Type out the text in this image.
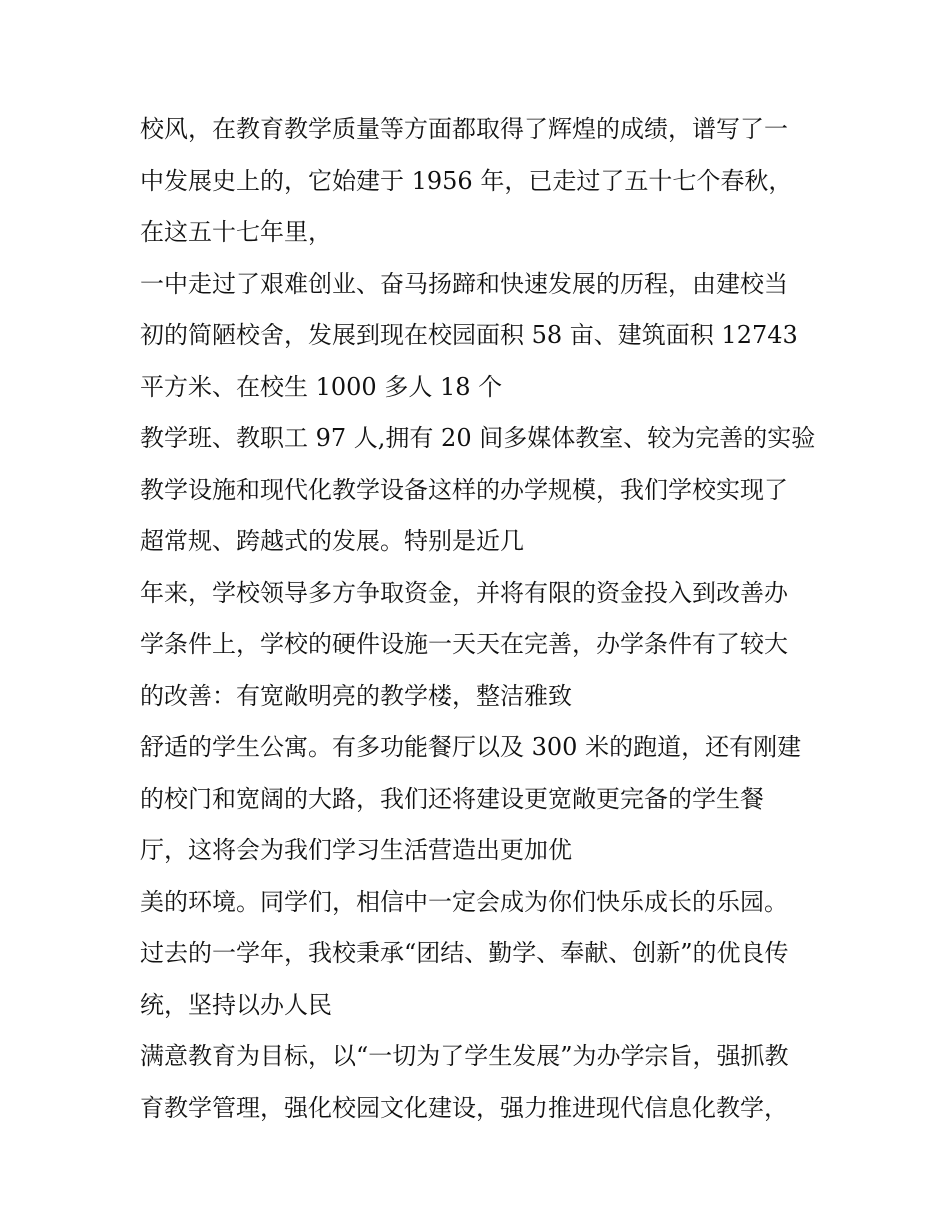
校风，在教育教学质量等方面都取得了辉煌的成绩，谱写了一
中发展史上的，它始建于 1956 年，已走过了五十七个春秋，
在这五十七年里，
一中走过了艰难创业、奋马扬蹄和快速发展的历程，由建校当
初的简陋校舍，发展到现在校园面积 58 亩、建筑面积 12743
平方米、在校生 1000 多人 18 个
教学班、教职工 97 人,拥有 20 间多媒体教室、较为完善的实验
教学设施和现代化教学设备这样的办学规模，我们学校实现了
超常规、跨越式的发展。特别是近几
年来，学校领导多方争取资金，并将有限的资金投入到改善办
学条件上，学校的硬件设施一天天在完善，办学条件有了较大
的改善：有宽敞明亮的教学楼，整洁雅致
舒适的学生公寓。有多功能餐厅以及 300 米的跑道，还有刚建
的校门和宽阔的大路，我们还将建设更宽敞更完备的学生餐
厅，这将会为我们学习生活营造出更加优
美的环境。同学们，相信中一定会成为你们快乐成长的乐园。
过去的一学年，我校秉承“团结、勤学、奉献、创新”的优良传
统，坚持以办人民
满意教育为目标，以“一切为了学生发展”为办学宗旨，强抓教
育教学管理，强化校园文化建设，强力推进现代信息化教学，
